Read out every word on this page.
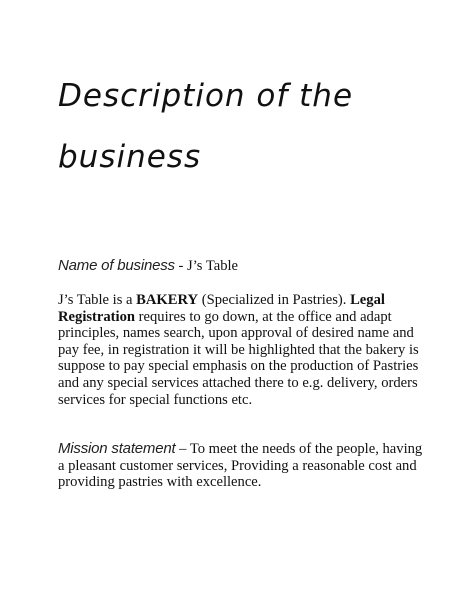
Description of the business

Name of business - J’s Table

J’s Table is a BAKERY (Specialized in Pastries). Legal Registration requires to go down, at the office and adapt principles, names search, upon approval of desired name and pay fee, in registration it will be highlighted that the bakery is suppose to pay special emphasis on the production of Pastries and any special services attached there to e.g. delivery, orders services for special functions etc.

Mission statement – To meet the needs of the people, having a pleasant customer services, Providing a reasonable cost and providing pastries with excellence.
